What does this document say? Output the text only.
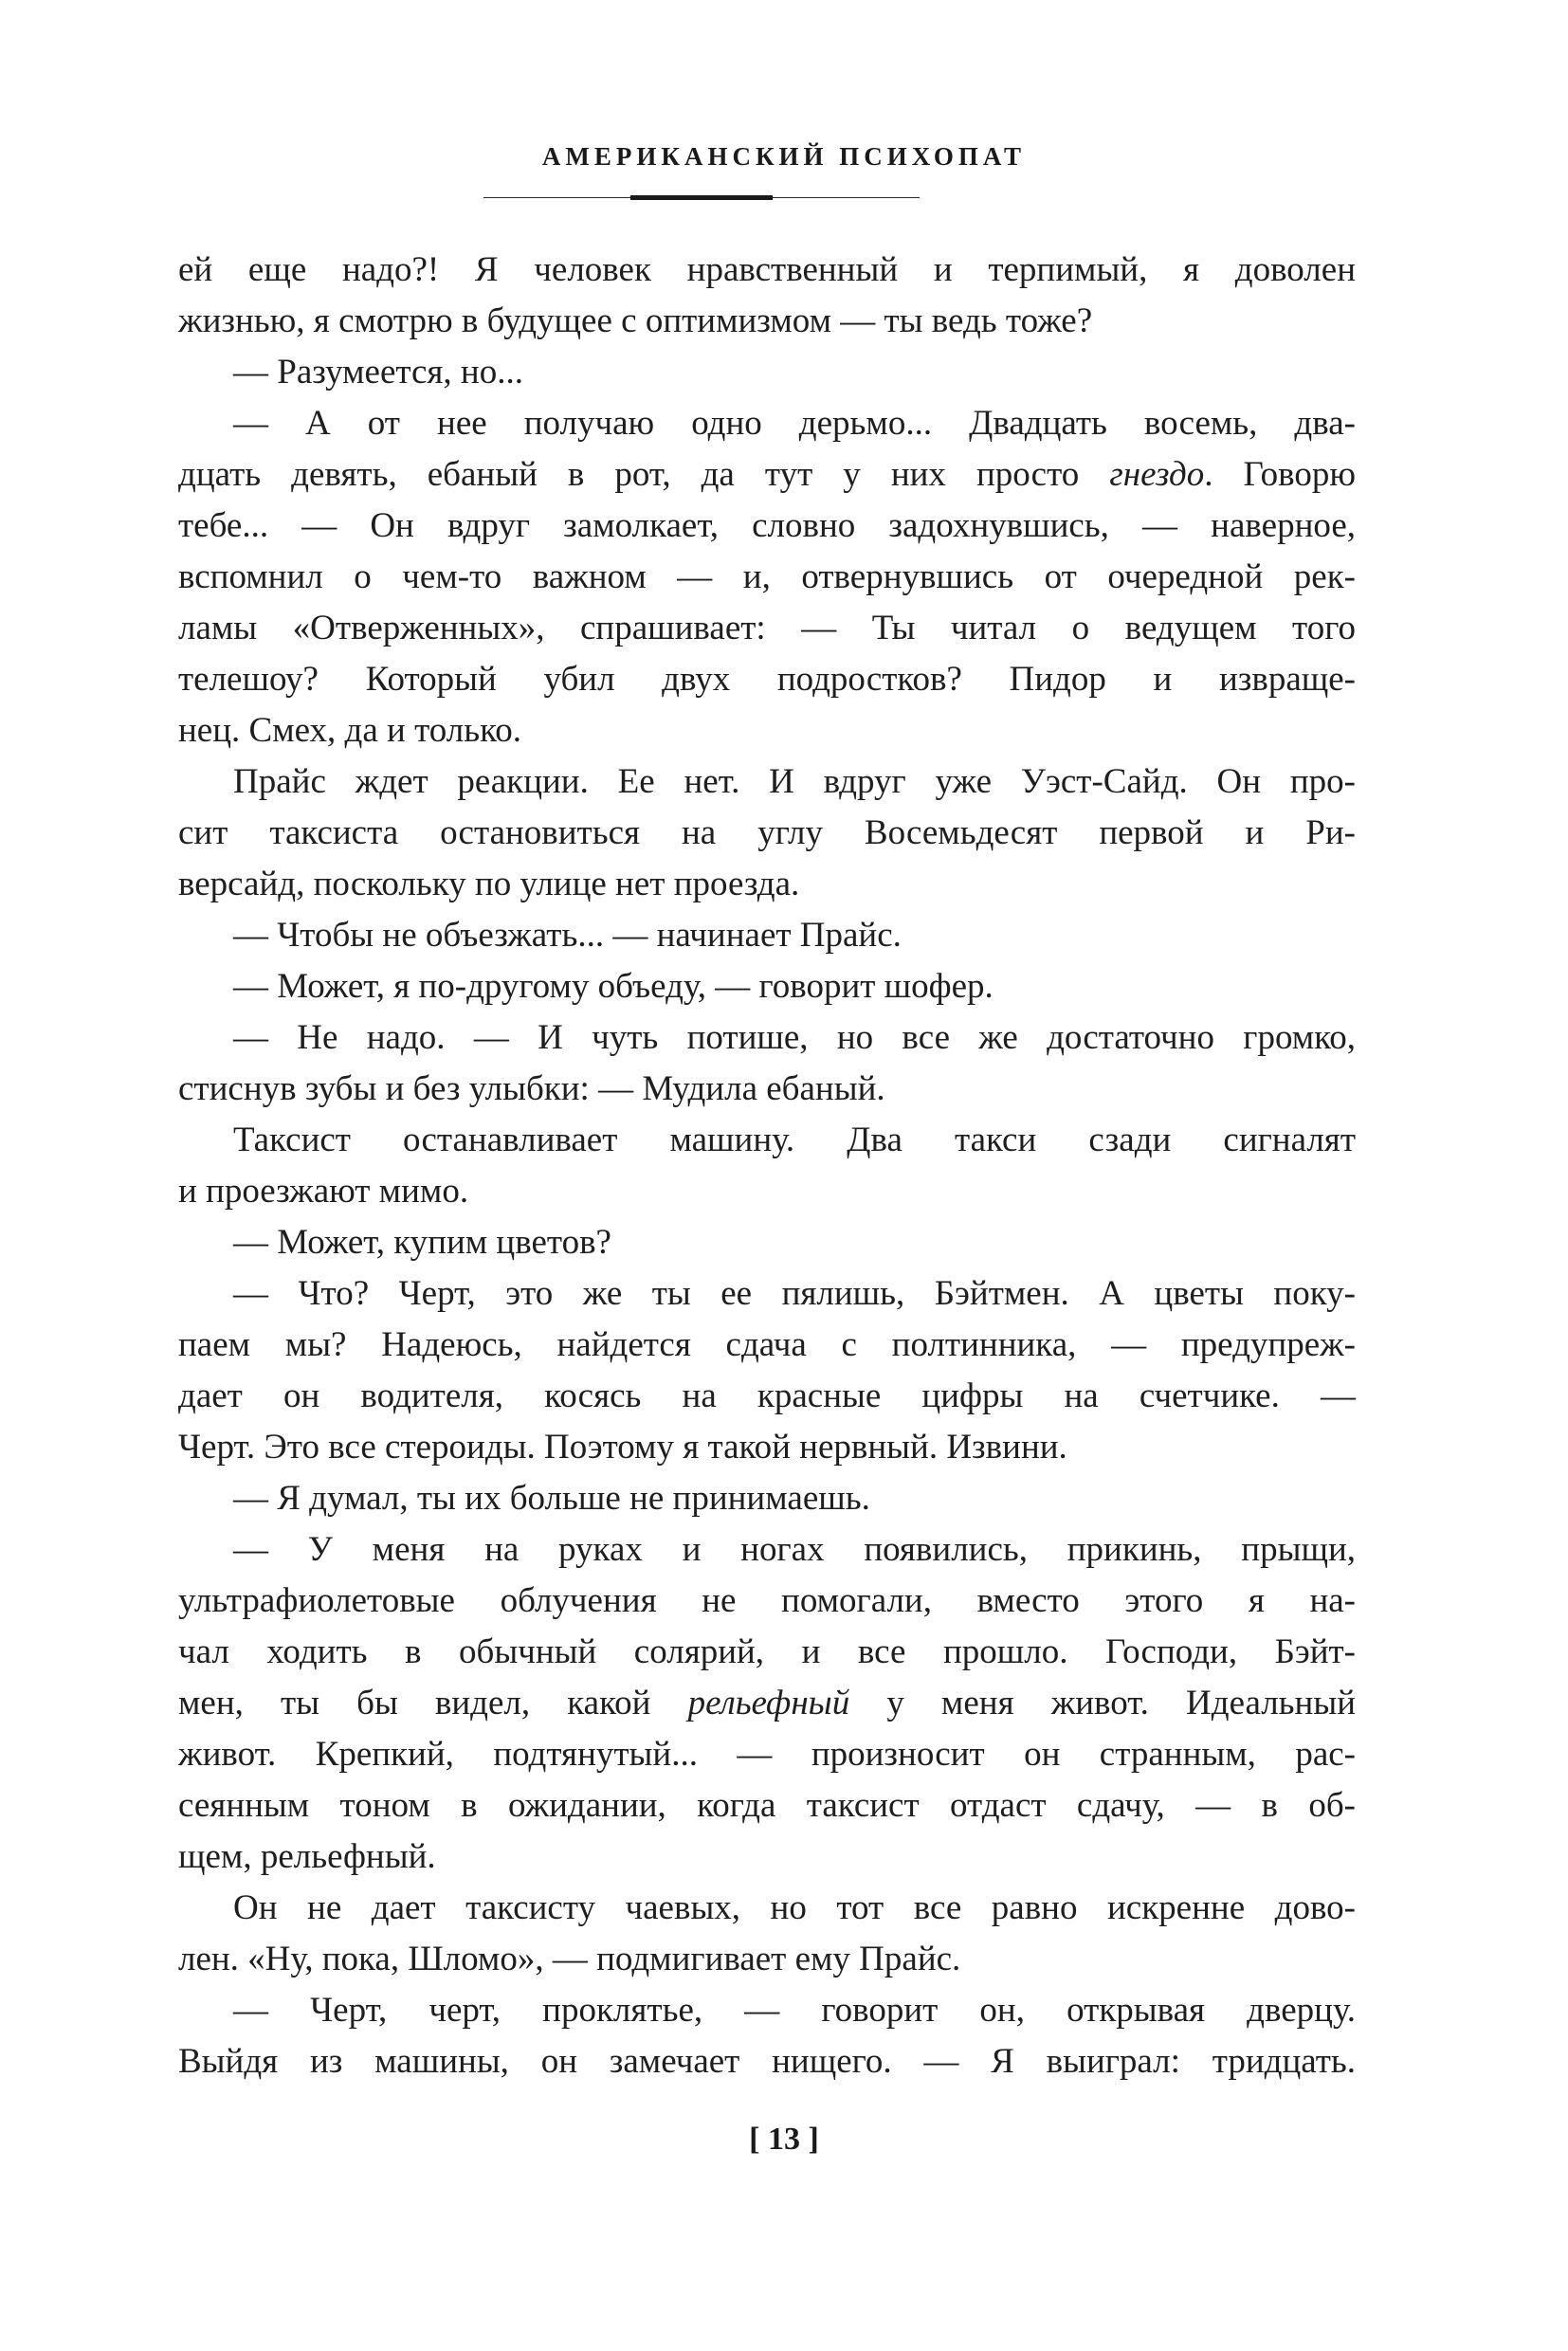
АМЕРИКАНСКИЙ ПСИХОПАТ
ей еще надо?! Я человек нравственный и терпимый, я доволен
жизнью, я смотрю в будущее с оптимизмом — ты ведь тоже?
— Разумеется, но...
— А от нее получаю одно дерьмо... Двадцать восемь, два-
дцать девять, ебаный в рот, да тут у них просто гнездо. Говорю
тебе... — Он вдруг замолкает, словно задохнувшись, — наверное,
вспомнил о чем-то важном — и, отвернувшись от очередной рек-
ламы «Отверженных», спрашивает: — Ты читал о ведущем того
телешоу? Который убил двух подростков? Пидор и извраще-
нец. Смех, да и только.
Прайс ждет реакции. Ее нет. И вдруг уже Уэст-Сайд. Он про-
сит таксиста остановиться на углу Восемьдесят первой и Ри-
версайд, поскольку по улице нет проезда.
— Чтобы не объезжать... — начинает Прайс.
— Может, я по-другому объеду, — говорит шофер.
— Не надо. — И чуть потише, но все же достаточно громко,
стиснув зубы и без улыбки: — Мудила ебаный.
Таксист останавливает машину. Два такси сзади сигналят
и проезжают мимо.
— Может, купим цветов?
— Что? Черт, это же ты ее пялишь, Бэйтмен. А цветы поку-
паем мы? Надеюсь, найдется сдача с полтинника, — предупреж-
дает он водителя, косясь на красные цифры на счетчике. —
Черт. Это все стероиды. Поэтому я такой нервный. Извини.
— Я думал, ты их больше не принимаешь.
— У меня на руках и ногах появились, прикинь, прыщи,
ультрафиолетовые облучения не помогали, вместо этого я на-
чал ходить в обычный солярий, и все прошло. Господи, Бэйт-
мен, ты бы видел, какой рельефный у меня живот. Идеальный
живот. Крепкий, подтянутый... — произносит он странным, рас-
сеянным тоном в ожидании, когда таксист отдаст сдачу, — в об-
щем, рельефный.
Он не дает таксисту чаевых, но тот все равно искренне дово-
лен. «Ну, пока, Шломо», — подмигивает ему Прайс.
— Черт, черт, проклятье, — говорит он, открывая дверцу.
Выйдя из машины, он замечает нищего. — Я выиграл: тридцать.
[ 13 ]
